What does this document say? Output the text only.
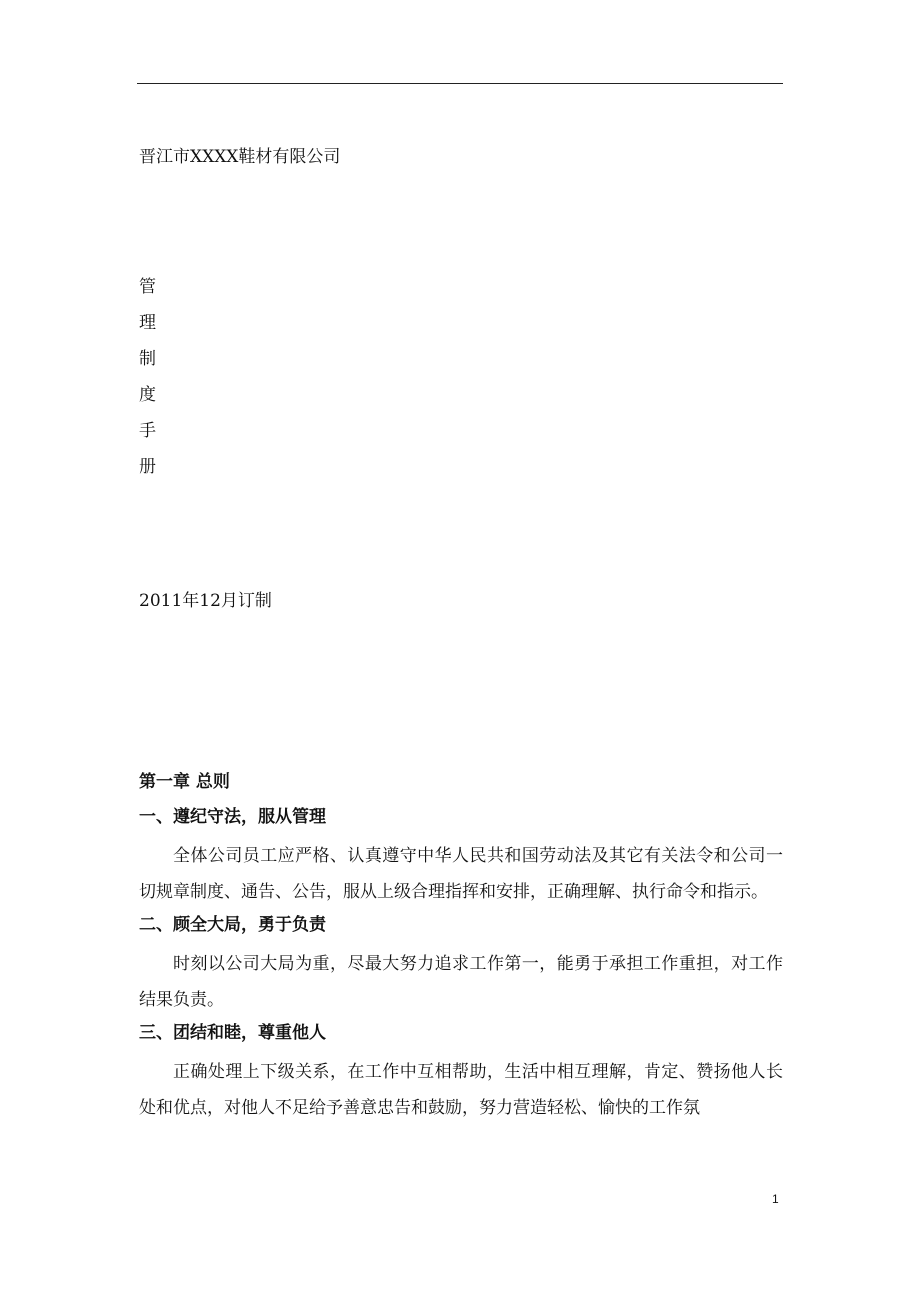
晋江市XXXX鞋材有限公司
管
理
制
度
手
册
2011年12月订制
第一章 总则
一、遵纪守法，服从管理

全体公司员工应严格、认真遵守中华人民共和国劳动法及其它有关法令和公司一切规章制度、通告、公告，服从上级合理指挥和安排，正确理解、执行命令和指示。

二、顾全大局，勇于负责

时刻以公司大局为重，尽最大努力追求工作第一，能勇于承担工作重担，对工作结果负责。

三、团结和睦，尊重他人

正确处理上下级关系，在工作中互相帮助，生活中相互理解，肯定、赞扬他人长处和优点，对他人不足给予善意忠告和鼓励，努力营造轻松、愉快的工作氛

1
